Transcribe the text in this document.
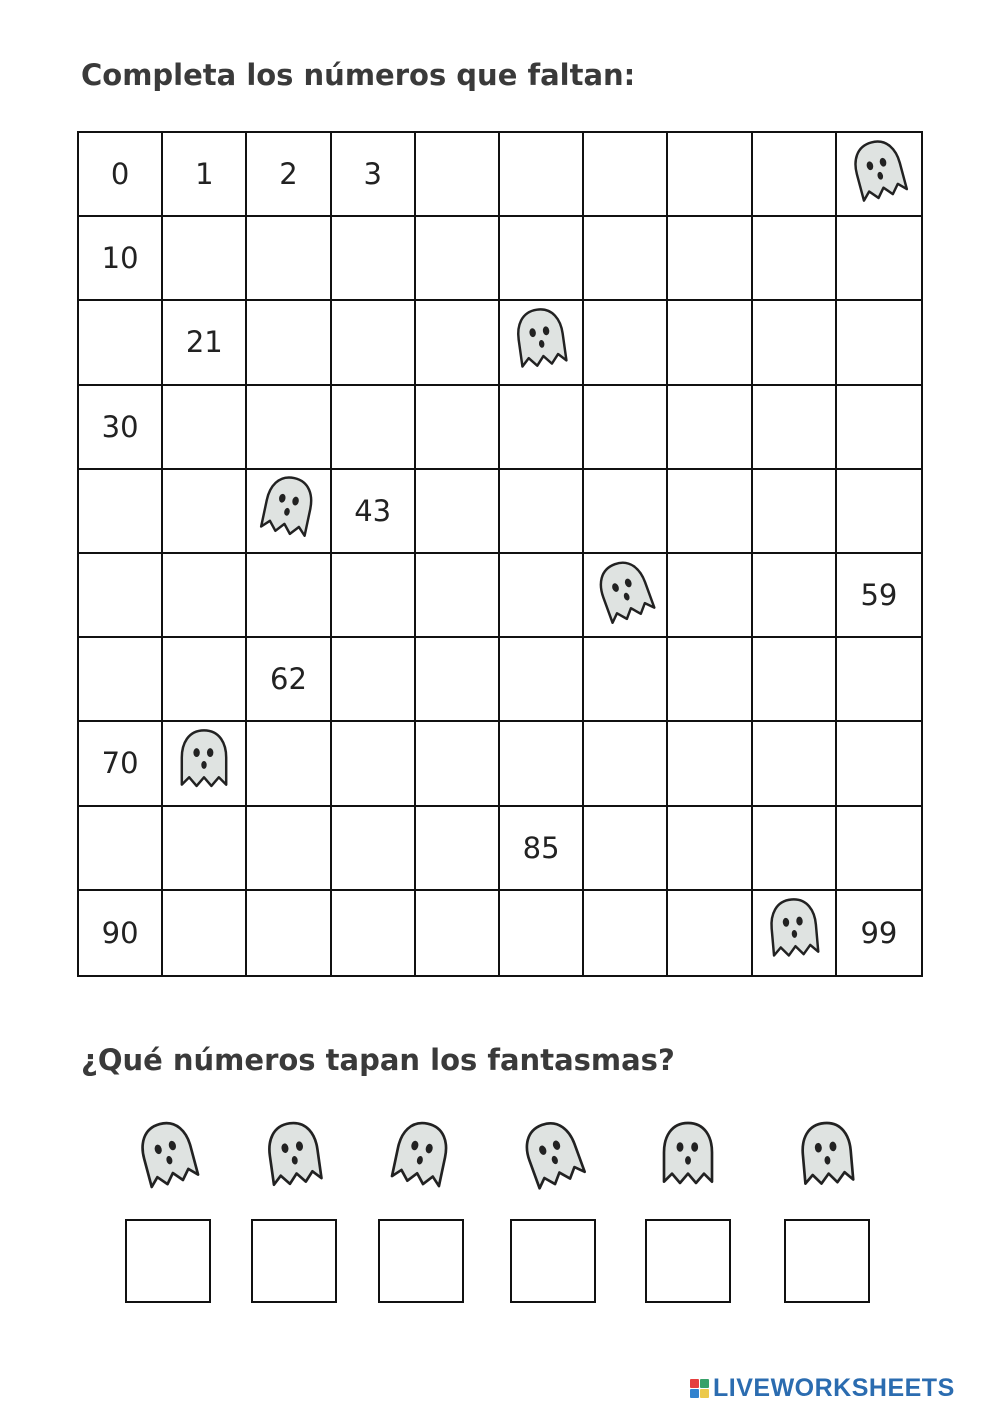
Completa los números que faltan:
0 1 2 3
10
21
30
43
59
62
70
85
90	99
¿Qué números tapan los fantasmas?
LIVEWORKSHEETS
